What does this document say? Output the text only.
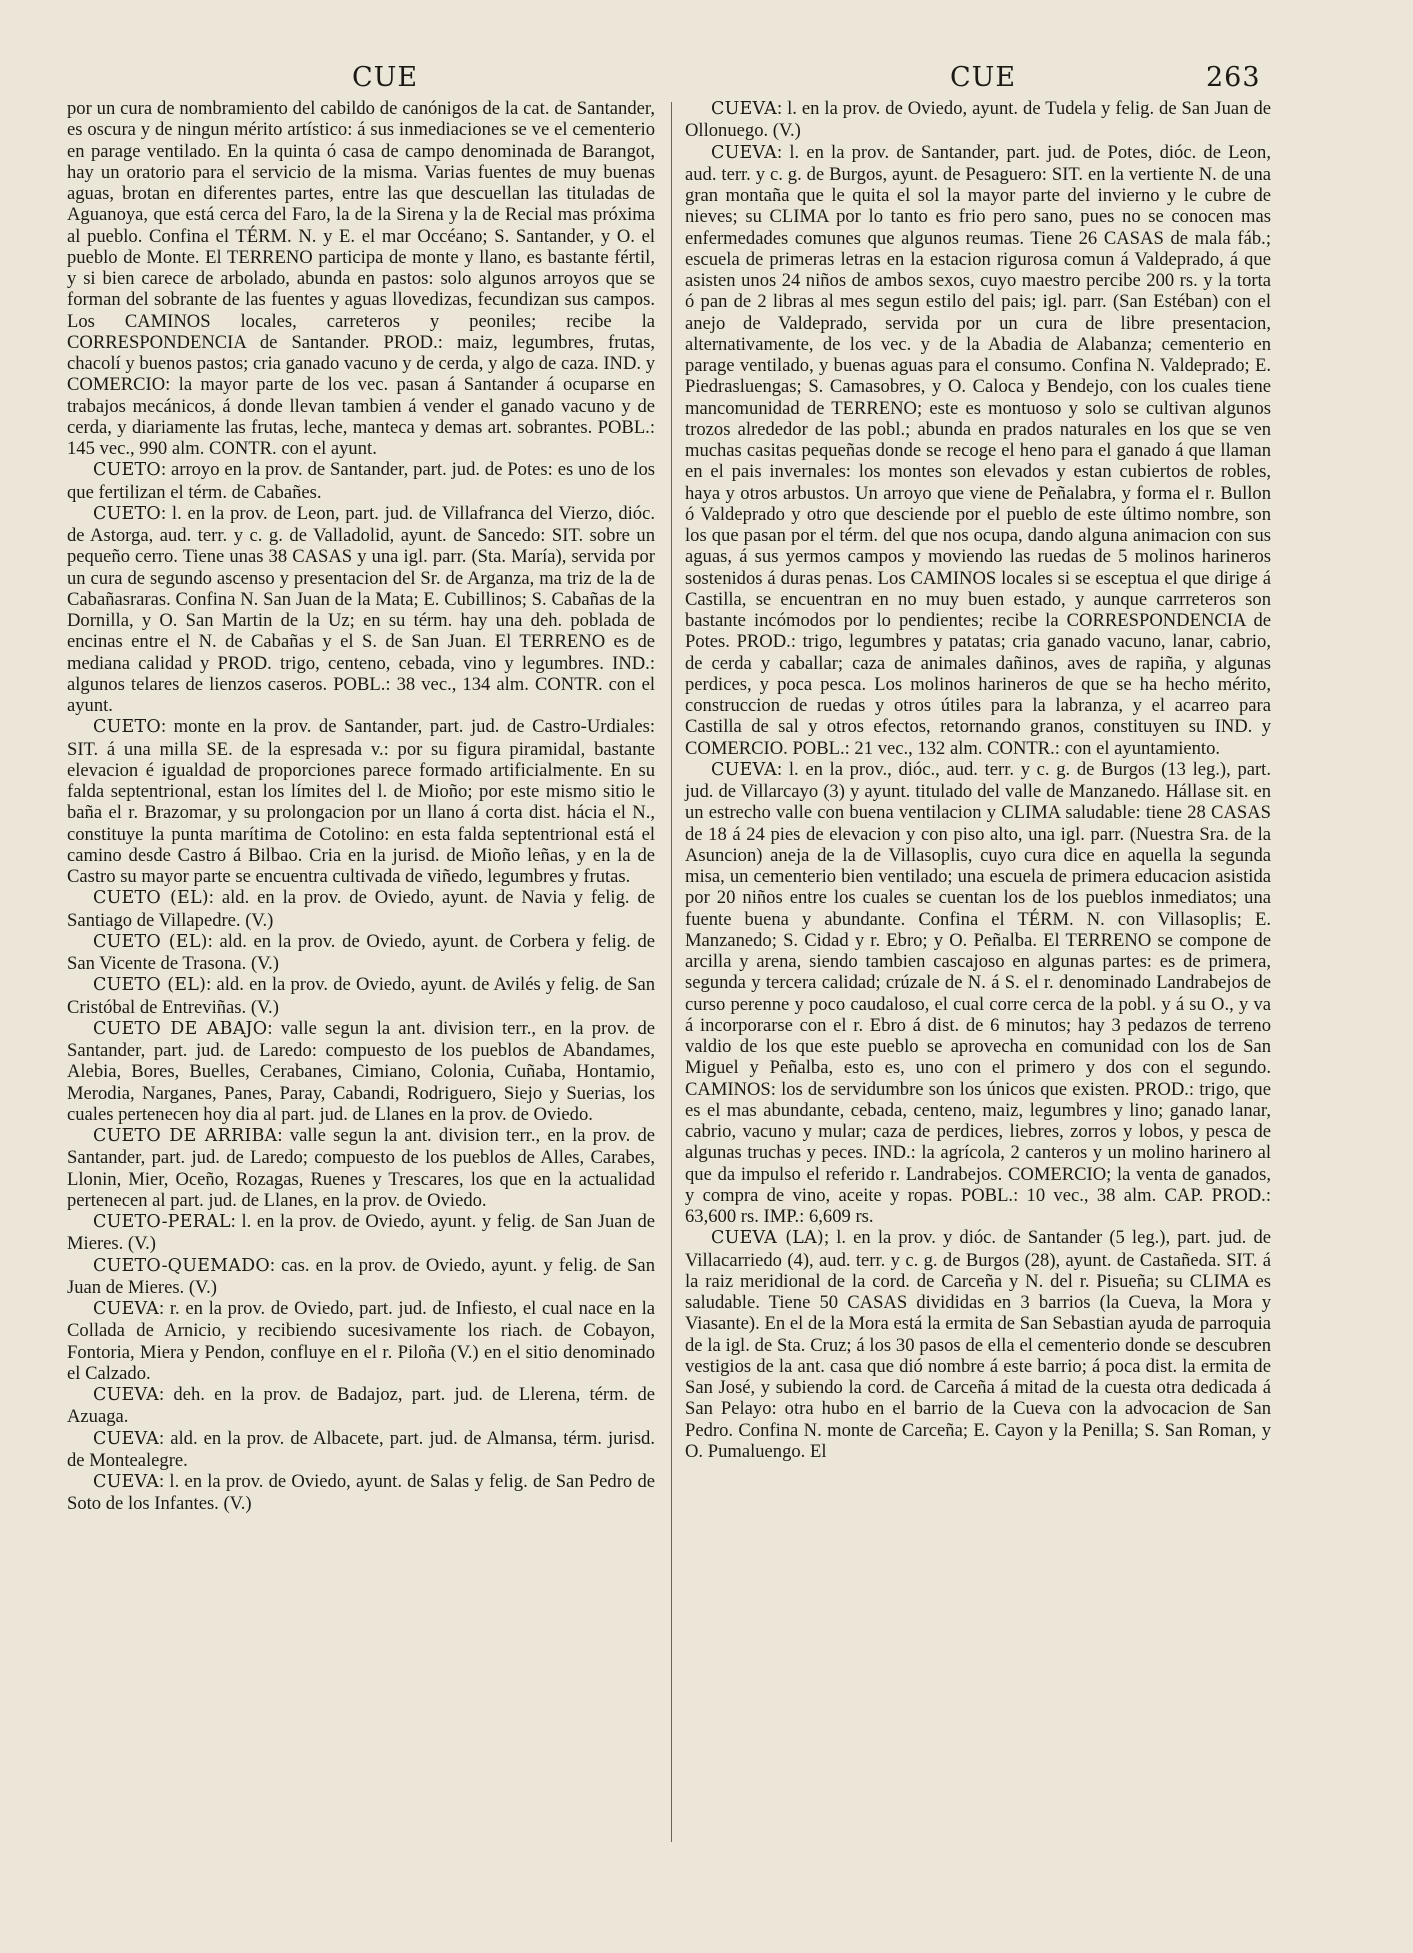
CUE	CUE	263

por un cura de nombramiento del cabildo de canónigos de la cat. de Santander, es oscura y de ningun mérito artístico: á sus inmediaciones se ve el cementerio en parage ventilado. En la quinta ó casa de campo denominada de Barangot, hay un oratorio para el servicio de la misma. Varias fuentes de muy buenas aguas, brotan en diferentes partes, entre las que descuellan las tituladas de Aguanoya, que está cerca del Faro, la de la Sirena y la de Recial mas próxima al pueblo. Confina el TÉRM. N. y E. el mar Occéano; S. Santander, y O. el pueblo de Monte. El TERRENO participa de monte y llano, es bastante fértil, y si bien carece de arbolado, abunda en pastos: solo algunos arroyos que se forman del sobrante de las fuentes y aguas llovedizas, fecundizan sus campos. Los CAMINOS locales, carreteros y peoniles; recibe la CORRESPONDENCIA de Santander. PROD.: maiz, legumbres, frutas, chacolí y buenos pastos; cria ganado vacuno y de cerda, y algo de caza. IND. y COMERCIO: la mayor parte de los vec. pasan á Santander á ocuparse en trabajos mecánicos, á donde llevan tambien á vender el ganado vacuno y de cerda, y diariamente las frutas, leche, manteca y demas art. sobrantes. POBL.: 145 vec., 990 alm. CONTR. con el ayunt.

CUETO: arroyo en la prov. de Santander, part. jud. de Potes: es uno de los que fertilizan el térm. de Cabañes.

CUETO: l. en la prov. de Leon, part. jud. de Villafranca del Vierzo, dióc. de Astorga, aud. terr. y c. g. de Valladolid, ayunt. de Sancedo: SIT. sobre un pequeño cerro. Tiene unas 38 CASAS y una igl. parr. (Sta. María), servida por un cura de segundo ascenso y presentacion del Sr. de Arganza, ma triz de la de Cabañasraras. Confina N. San Juan de la Mata; E. Cubillinos; S. Cabañas de la Dornilla, y O. San Martin de la Uz; en su térm. hay una deh. poblada de encinas entre el N. de Cabañas y el S. de San Juan. El TERRENO es de mediana calidad y PROD. trigo, centeno, cebada, vino y legumbres. IND.: algunos telares de lienzos caseros. POBL.: 38 vec., 134 alm. CONTR. con el ayunt.

CUETO: monte en la prov. de Santander, part. jud. de Castro-Urdiales: SIT. á una milla SE. de la espresada v.: por su figura piramidal, bastante elevacion é igualdad de proporciones parece formado artificialmente. En su falda septentrional, estan los límites del l. de Mioño; por este mismo sitio le baña el r. Brazomar, y su prolongacion por un llano á corta dist. hácia el N., constituye la punta marítima de Cotolino: en esta falda septentrional está el camino desde Castro á Bilbao. Cria en la jurisd. de Mioño leñas, y en la de Castro su mayor parte se encuentra cultivada de viñedo, legumbres y frutas.

CUETO (EL): ald. en la prov. de Oviedo, ayunt. de Navia y felig. de Santiago de Villapedre. (V.)

CUETO (EL): ald. en la prov. de Oviedo, ayunt. de Corbera y felig. de San Vicente de Trasona. (V.)

CUETO (EL): ald. en la prov. de Oviedo, ayunt. de Avilés y felig. de San Cristóbal de Entreviñas. (V.)

CUETO DE ABAJO: valle segun la ant. division terr., en la prov. de Santander, part. jud. de Laredo: compuesto de los pueblos de Abandames, Alebia, Bores, Buelles, Cerabanes, Cimiano, Colonia, Cuñaba, Hontamio, Merodia, Narganes, Panes, Paray, Cabandi, Rodriguero, Siejo y Suerias, los cuales pertenecen hoy dia al part. jud. de Llanes en la prov. de Oviedo.

CUETO DE ARRIBA: valle segun la ant. division terr., en la prov. de Santander, part. jud. de Laredo; compuesto de los pueblos de Alles, Carabes, Llonin, Mier, Oceño, Rozagas, Ruenes y Trescares, los que en la actualidad pertenecen al part. jud. de Llanes, en la prov. de Oviedo.

CUETO-PERAL: l. en la prov. de Oviedo, ayunt. y felig. de San Juan de Mieres. (V.)

CUETO-QUEMADO: cas. en la prov. de Oviedo, ayunt. y felig. de San Juan de Mieres. (V.)

CUEVA: r. en la prov. de Oviedo, part. jud. de Infiesto, el cual nace en la Collada de Arnicio, y recibiendo sucesivamente los riach. de Cobayon, Fontoria, Miera y Pendon, confluye en el r. Piloña (V.) en el sitio denominado el Calzado.

CUEVA: deh. en la prov. de Badajoz, part. jud. de Llerena, térm. de Azuaga.

CUEVA: ald. en la prov. de Albacete, part. jud. de Almansa, térm. jurisd. de Montealegre.

CUEVA: l. en la prov. de Oviedo, ayunt. de Salas y felig. de San Pedro de Soto de los Infantes. (V.)

CUEVA: l. en la prov. de Oviedo, ayunt. de Tudela y felig. de San Juan de Ollonuego. (V.)

CUEVA: l. en la prov. de Santander, part. jud. de Potes, dióc. de Leon, aud. terr. y c. g. de Burgos, ayunt. de Pesaguero: SIT. en la vertiente N. de una gran montaña que le quita el sol la mayor parte del invierno y le cubre de nieves; su CLIMA por lo tanto es frio pero sano, pues no se conocen mas enfermedades comunes que algunos reumas. Tiene 26 CASAS de mala fáb.; escuela de primeras letras en la estacion rigurosa comun á Valdeprado, á que asisten unos 24 niños de ambos sexos, cuyo maestro percibe 200 rs. y la torta ó pan de 2 libras al mes segun estilo del pais; igl. parr. (San Estéban) con el anejo de Valdeprado, servida por un cura de libre presentacion, alternativamente, de los vec. y de la Abadia de Alabanza; cementerio en parage ventilado, y buenas aguas para el consumo. Confina N. Valdeprado; E. Piedrasluengas; S. Camasobres, y O. Caloca y Bendejo, con los cuales tiene mancomunidad de TERRENO; este es montuoso y solo se cultivan algunos trozos alrededor de las pobl.; abunda en prados naturales en los que se ven muchas casitas pequeñas donde se recoge el heno para el ganado á que llaman en el pais invernales: los montes son elevados y estan cubiertos de robles, haya y otros arbustos. Un arroyo que viene de Peñalabra, y forma el r. Bullon ó Valdeprado y otro que desciende por el pueblo de este último nombre, son los que pasan por el térm. del que nos ocupa, dando alguna animacion con sus aguas, á sus yermos campos y moviendo las ruedas de 5 molinos harineros sostenidos á duras penas. Los CAMINOS locales si se esceptua el que dirige á Castilla, se encuentran en no muy buen estado, y aunque carrreteros son bastante incómodos por lo pendientes; recibe la CORRESPONDENCIA de Potes. PROD.: trigo, legumbres y patatas; cria ganado vacuno, lanar, cabrio, de cerda y caballar; caza de animales dañinos, aves de rapiña, y algunas perdices, y poca pesca. Los molinos harineros de que se ha hecho mérito, construccion de ruedas y otros útiles para la labranza, y el acarreo para Castilla de sal y otros efectos, retornando granos, constituyen su IND. y COMERCIO. POBL.: 21 vec., 132 alm. CONTR.: con el ayuntamiento.

CUEVA: l. en la prov., dióc., aud. terr. y c. g. de Burgos (13 leg.), part. jud. de Villarcayo (3) y ayunt. titulado del valle de Manzanedo. Hállase sit. en un estrecho valle con buena ventilacion y CLIMA saludable: tiene 28 CASAS de 18 á 24 pies de elevacion y con piso alto, una igl. parr. (Nuestra Sra. de la Asuncion) aneja de la de Villasoplis, cuyo cura dice en aquella la segunda misa, un cementerio bien ventilado; una escuela de primera educacion asistida por 20 niños entre los cuales se cuentan los de los pueblos inmediatos; una fuente buena y abundante. Confina el TÉRM. N. con Villasoplis; E. Manzanedo; S. Cidad y r. Ebro; y O. Peñalba. El TERRENO se compone de arcilla y arena, siendo tambien cascajoso en algunas partes: es de primera, segunda y tercera calidad; crúzale de N. á S. el r. denominado Landrabejos de curso perenne y poco caudaloso, el cual corre cerca de la pobl. y á su O., y va á incorporarse con el r. Ebro á dist. de 6 minutos; hay 3 pedazos de terreno valdio de los que este pueblo se aprovecha en comunidad con los de San Miguel y Peñalba, esto es, uno con el primero y dos con el segundo. CAMINOS: los de servidumbre son los únicos que existen. PROD.: trigo, que es el mas abundante, cebada, centeno, maiz, legumbres y lino; ganado lanar, cabrio, vacuno y mular; caza de perdices, liebres, zorros y lobos, y pesca de algunas truchas y peces. IND.: la agrícola, 2 canteros y un molino harinero al que da impulso el referido r. Landrabejos. COMERCIO; la venta de ganados, y compra de vino, aceite y ropas. POBL.: 10 vec., 38 alm. CAP. PROD.: 63,600 rs. IMP.: 6,609 rs.

CUEVA (LA); l. en la prov. y dióc. de Santander (5 leg.), part. jud. de Villacarriedo (4), aud. terr. y c. g. de Burgos (28), ayunt. de Castañeda. SIT. á la raiz meridional de la cord. de Carceña y N. del r. Pisueña; su CLIMA es saludable. Tiene 50 CASAS divididas en 3 barrios (la Cueva, la Mora y Viasante). En el de la Mora está la ermita de San Sebastian ayuda de parroquia de la igl. de Sta. Cruz; á los 30 pasos de ella el cementerio donde se descubren vestigios de la ant. casa que dió nombre á este barrio; á poca dist. la ermita de San José, y subiendo la cord. de Carceña á mitad de la cuesta otra dedicada á San Pelayo: otra hubo en el barrio de la Cueva con la advocacion de San Pedro. Confina N. monte de Carceña; E. Cayon y la Penilla; S. San Roman, y O. Pumaluengo. El
